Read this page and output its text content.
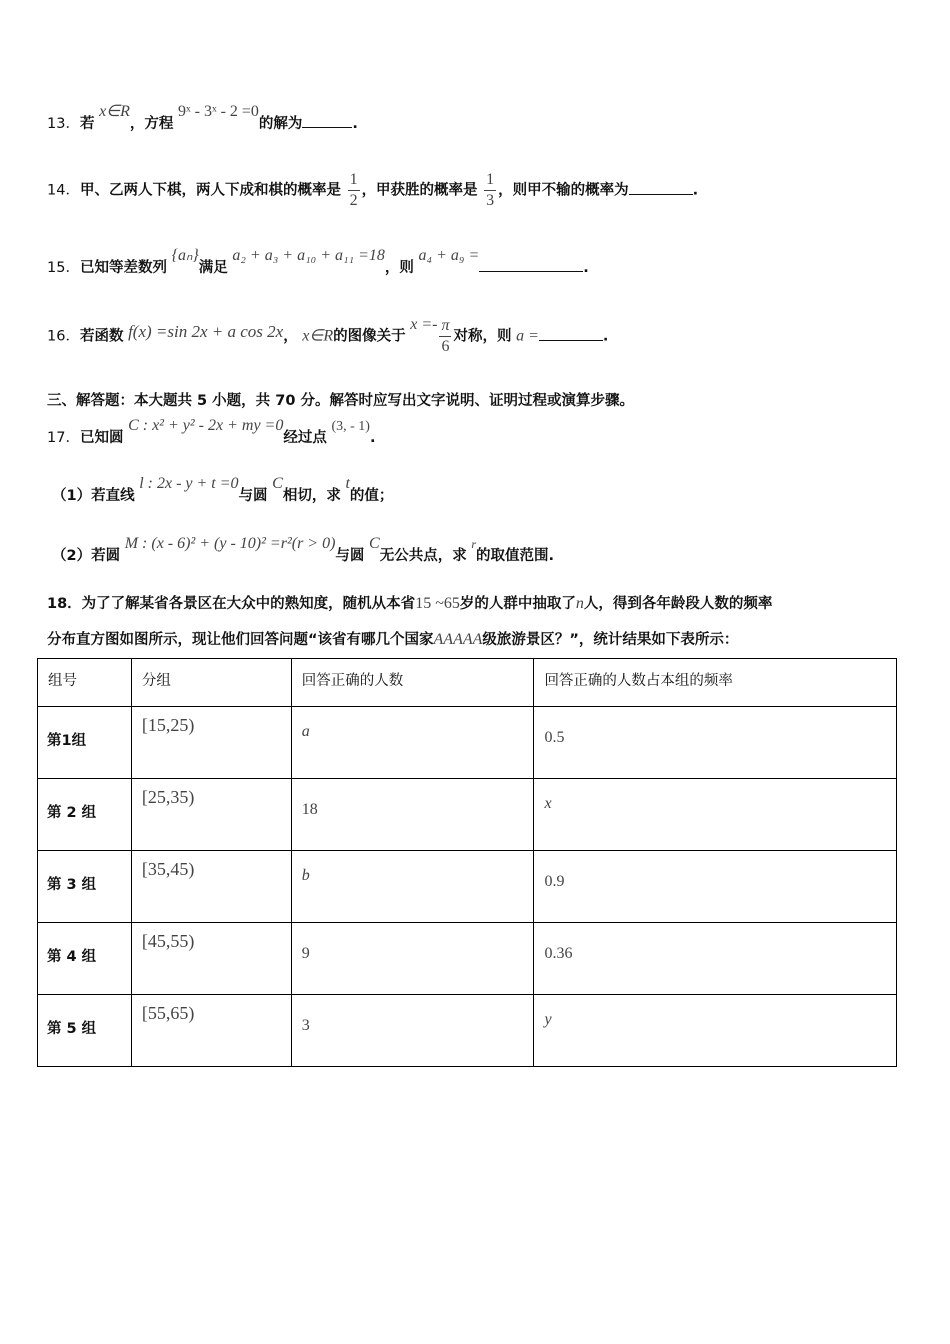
13．若 x∈R，方程 9ˣ - 3ˣ - 2 =0的解为	.
14．甲、乙两人下棋，两人下成和棋的概率是 $\frac{1}{2}$ ，甲获胜的概率是 $\frac{1}{3}$ ，则甲不输的概率为	.
15．已知等差数列 {aₙ}满足 a₂ + a₃ + a₁₀ + a₁₁ =18，则 a₄ + a₉ =.
16．若函数 f(x) =sin 2x + a cos 2x， x∈R的图像关于 $x =- \frac{\pi}{6}$ 对称，则 a =	.
三、解答题：本大题共 5 小题，共 70 分。解答时应写出文字说明、证明过程或演算步骤。
17．已知圆 C : x² + y² - 2x + my =0经过点 (3, - 1).
（1）若直线 l : 2x - y + t =0与圆 C相切，求 t的值；
（2）若圆 M : (x - 6)² + (y - 10)² =r²(r > 0)与圆 C无公共点，求 $^r$的取值范围.
18．为了了解某省各景区在大众中的熟知度，随机从本省15 ~65岁的人群中抽取了n人，得到各年龄段人数的频率
分布直方图如图所示，现让他们回答问题“该省有哪几个国家AAAAA级旅游景区？”，统计结果如下表所示：
组号	分组	回答正确的人数	回答正确的人数占本组的频率

第1组	[15,25)	a	0.5

第 2 组	[25,35)	18	x

第 3 组	[35,45)	b	0.9

第 4 组	[45,55)	9	0.36

第 5 组	[55,65)	3	y
